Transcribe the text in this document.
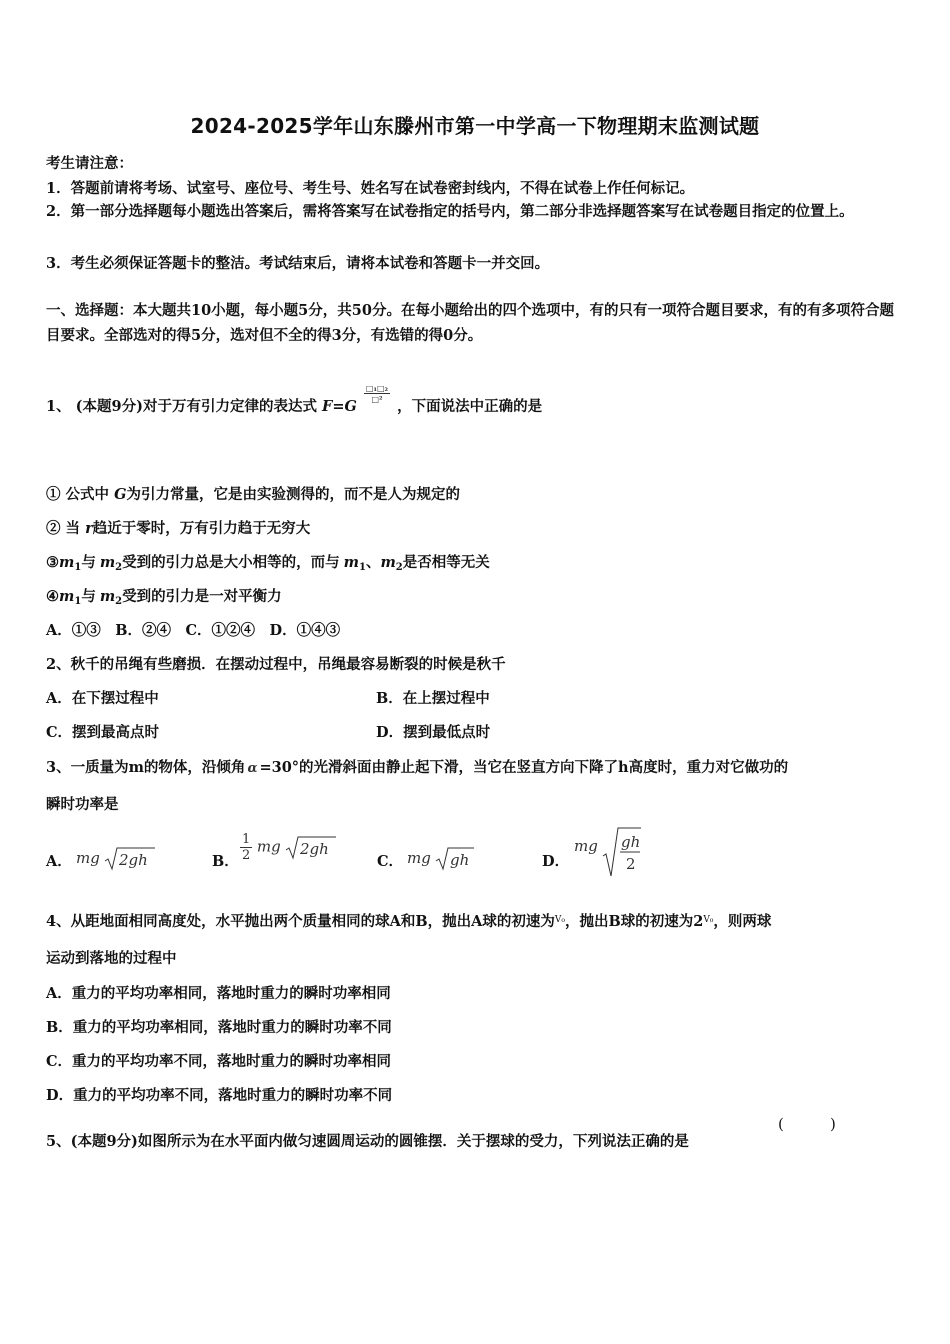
2024-2025学年山东滕州市第一中学高一下物理期末监测试题
考生请注意：
1．答题前请将考场、试室号、座位号、考生号、姓名写在试卷密封线内，不得在试卷上作任何标记。
2．第一部分选择题每小题选出答案后，需将答案写在试卷指定的括号内，第二部分非选择题答案写在试卷题目指定的位置上。
3．考生必须保证答题卡的整洁。考试结束后，请将本试卷和答题卡一并交回。
一、选择题：本大题共10小题，每小题5分，共50分。在每小题给出的四个选项中，有的只有一项符合题目要求，有的有多项符合题目要求。全部选对的得5分，选对但不全的得3分，有选错的得0分。
1、 (本题9分)对于万有引力定律的表达式 F=G
$\frac{\text{□₁□₂}}{\text{□²}}$
，下面说法中正确的是
① 公式中 G为引力常量，它是由实验测得的，而不是人为规定的
② 当 r趋近于零时，万有引力趋于无穷大
$③m_1$与 $m_2$受到的引力总是大小相等的，而与 $m_1$、$m_2$是否相等无关
$④m_1$与 $m_2$受到的引力是一对平衡力
A．①③　B．②④　C．①②④　D．①④③
2、秋千的吊绳有些磨损．在摆动过程中，吊绳最容易断裂的时候是秋千
A．在下摆过程中	B．在上摆过程中
C．摆到最高点时	D．摆到最低点时
3、一质量为m的物体，沿倾角 α =30°的光滑斜面由静止起下滑，当它在竖直方向下降了h高度时，重力对它做功的
瞬时功率是
A． mg 2gh	B． $\frac{1}{2}$ mg 2gh
C． mg gh	D．
mg gh
2
4、从距地面相同高度处，水平抛出两个质量相同的球A和B，抛出A球的初速为$^{V_0}$，抛出B球的初速为$2^{V_0}$，则两球
运动到落地的过程中
A．重力的平均功率相同，落地时重力的瞬时功率相同
B．重力的平均功率相同，落地时重力的瞬时功率不同
C．重力的平均功率不同，落地时重力的瞬时功率相同
D．重力的平均功率不同，落地时重力的瞬时功率不同
5、(本题9分)如图所示为在水平面内做匀速圆周运动的圆锥摆．关于摆球的受力，下列说法正确的是
(	)
